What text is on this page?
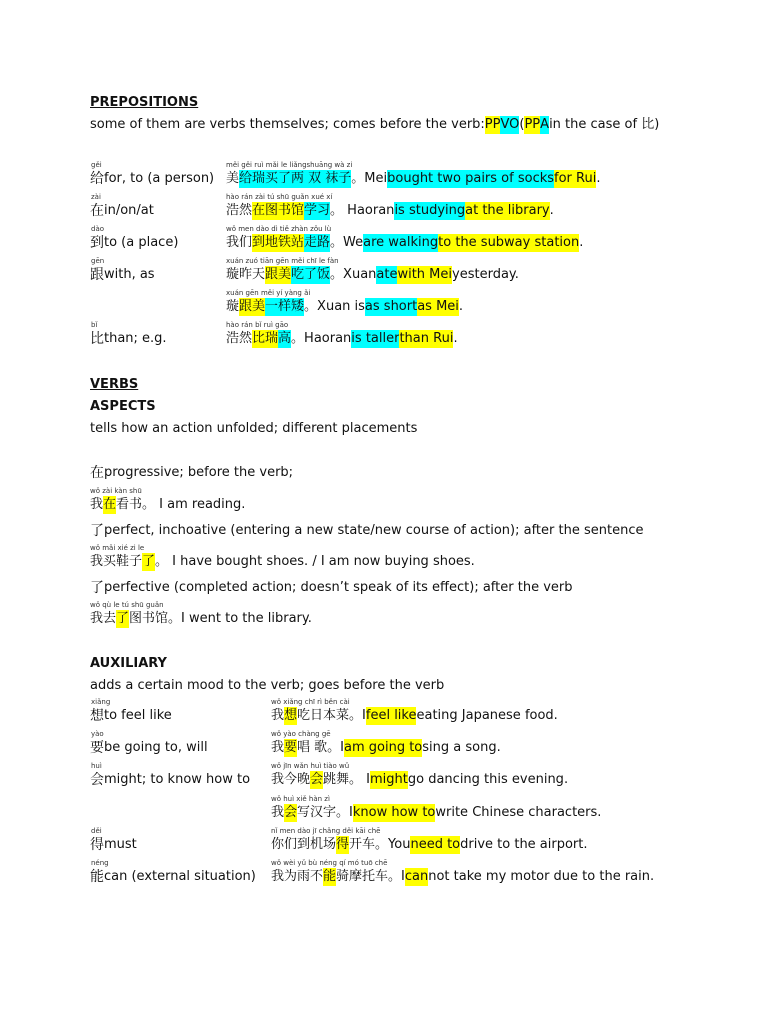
PREPOSITIONS
some of them are verbs themselves; comes before the verb:PPVO(PPAin the case of 比)
VERBS
ASPECTS
tells how an action unfolded; different placements
AUXILIARY
adds a certain mood to the verb; goes before the verb
gěi
给for, to (a person)
měi gěi ruì mǎi le liǎngshuāng wà zi
美给瑞买了两 双 袜子。Meibought two pairs of socksfor Rui.
zài
在in/on/at
hào rán zài tú shū guǎn xué xí
浩然在图书馆学习。 Haoranis studyingat the library.
dào
到to (a place)
wǒ men dào dì tiě zhàn zǒu lù
我们到地铁站走路。Weare walkingto the subway station.
gēn
跟with, as
xuán zuó tiān gēn měi chī le fàn
璇昨天跟美吃了饭。Xuanatewith Meiyesterday.
xuán gēn měi yí yàng ǎi
璇跟美一样矮。Xuan isas shortas Mei.
bǐ
比than; e.g.
hào rán bǐ ruì gāo
浩然比瑞高。Haoranis tallerthan Rui.
在progressive; before the verb;
wǒ zài kàn shū
我在看书。 I am reading.
了perfect, inchoative (entering a new state/new course of action); after the sentence
wǒ mǎi xié zi le
我买鞋子了。 I have bought shoes. / I am now buying shoes.
了perfective (completed action; doesn’t speak of its effect); after the verb
wǒ qù le tú shū guǎn
我去了图书馆。I went to the library.
xiǎng
想to feel like
wǒ xiǎng chī rì běn cài
我想吃日本菜。Ifeel likeeating Japanese food.
yào
要be going to, will
wǒ yào chàng gē
我要唱 歌。Iam going tosing a song.
huì
会might; to know how to
wǒ jīn wǎn huì tiào wǔ
我今晚会跳舞。 Imightgo dancing this evening.
wǒ huì xiě hàn zì
我会写汉字。Iknow how towrite Chinese characters.
děi
得must
nǐ men dào jī chǎng děi kāi chē
你们到机场得开车。Youneed todrive to the airport.
néng
能can (external situation)
wǒ wèi yǔ bù néng qí mó tuō chē
我为雨不能骑摩托车。Icannot take my motor due to the rain.
